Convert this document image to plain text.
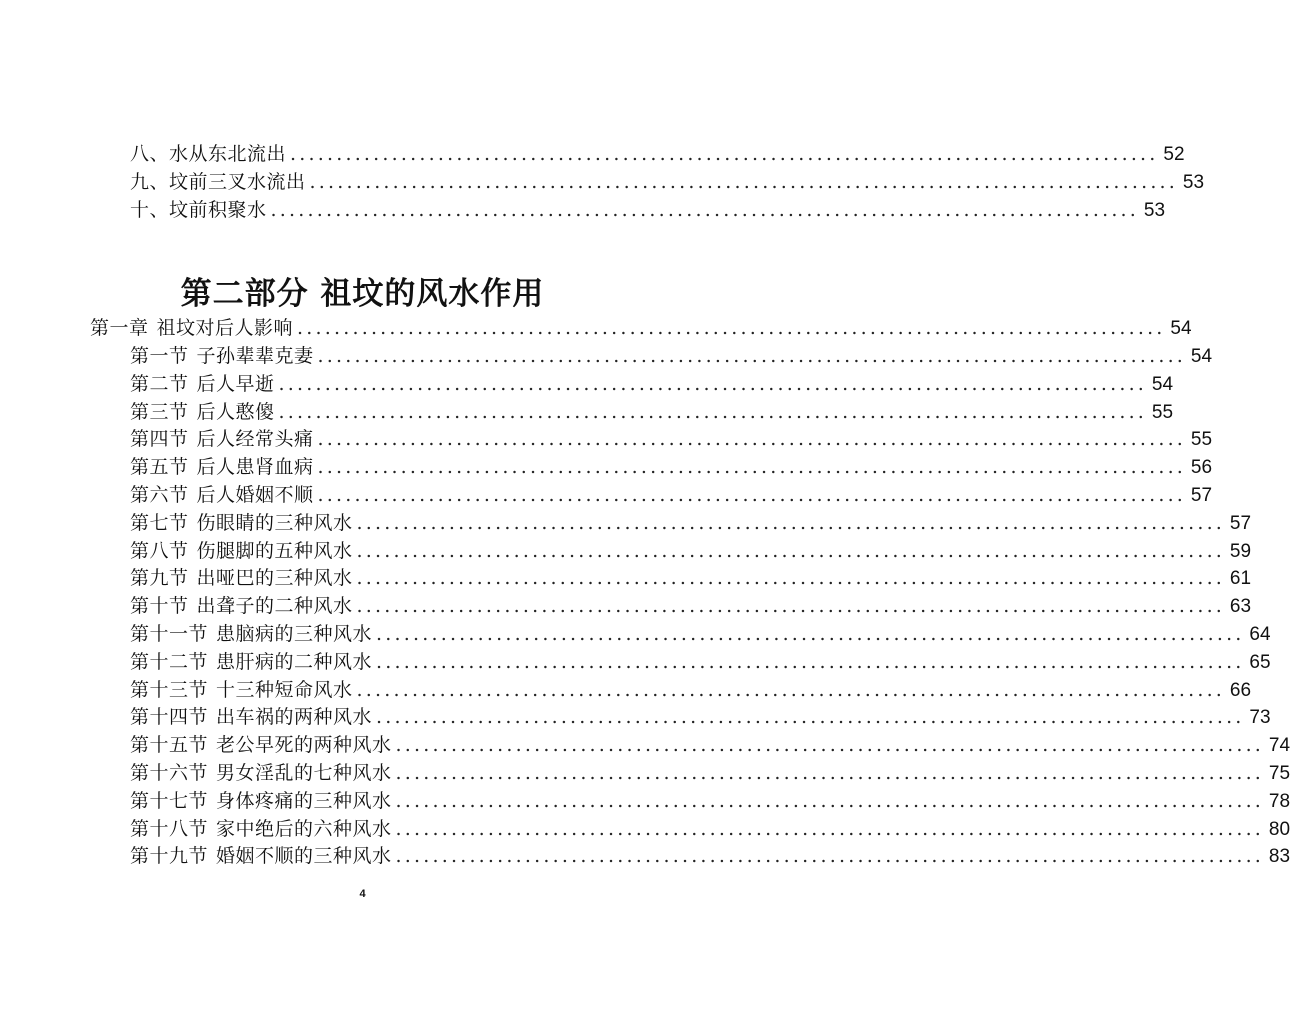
八、水从东北流出 .............................................................................................. 52
九、坟前三叉水流出 .............................................................................................. 53
十、坟前积聚水 .............................................................................................. 53
第二部分 祖坟的风水作用
第一章 祖坟对后人影响 .............................................................................................. 54
第一节 子孙辈辈克妻 .............................................................................................. 54
第二节 后人早逝 .............................................................................................. 54
第三节 后人憨傻 .............................................................................................. 55
第四节 后人经常头痛 .............................................................................................. 55
第五节 后人患肾血病 .............................................................................................. 56
第六节 后人婚姻不顺 .............................................................................................. 57
第七节 伤眼睛的三种风水 .............................................................................................. 57
第八节 伤腿脚的五种风水 .............................................................................................. 59
第九节 出哑巴的三种风水 .............................................................................................. 61
第十节 出聋子的二种风水 .............................................................................................. 63
第十一节 患脑病的三种风水 .............................................................................................. 64
第十二节 患肝病的二种风水 .............................................................................................. 65
第十三节 十三种短命风水 .............................................................................................. 66
第十四节 出车祸的两种风水 .............................................................................................. 73
第十五节 老公早死的两种风水 .............................................................................................. 74
第十六节 男女淫乱的七种风水 .............................................................................................. 75
第十七节 身体疼痛的三种风水 .............................................................................................. 78
第十八节 家中绝后的六种风水 .............................................................................................. 80
第十九节 婚姻不顺的三种风水 .............................................................................................. 83
4
